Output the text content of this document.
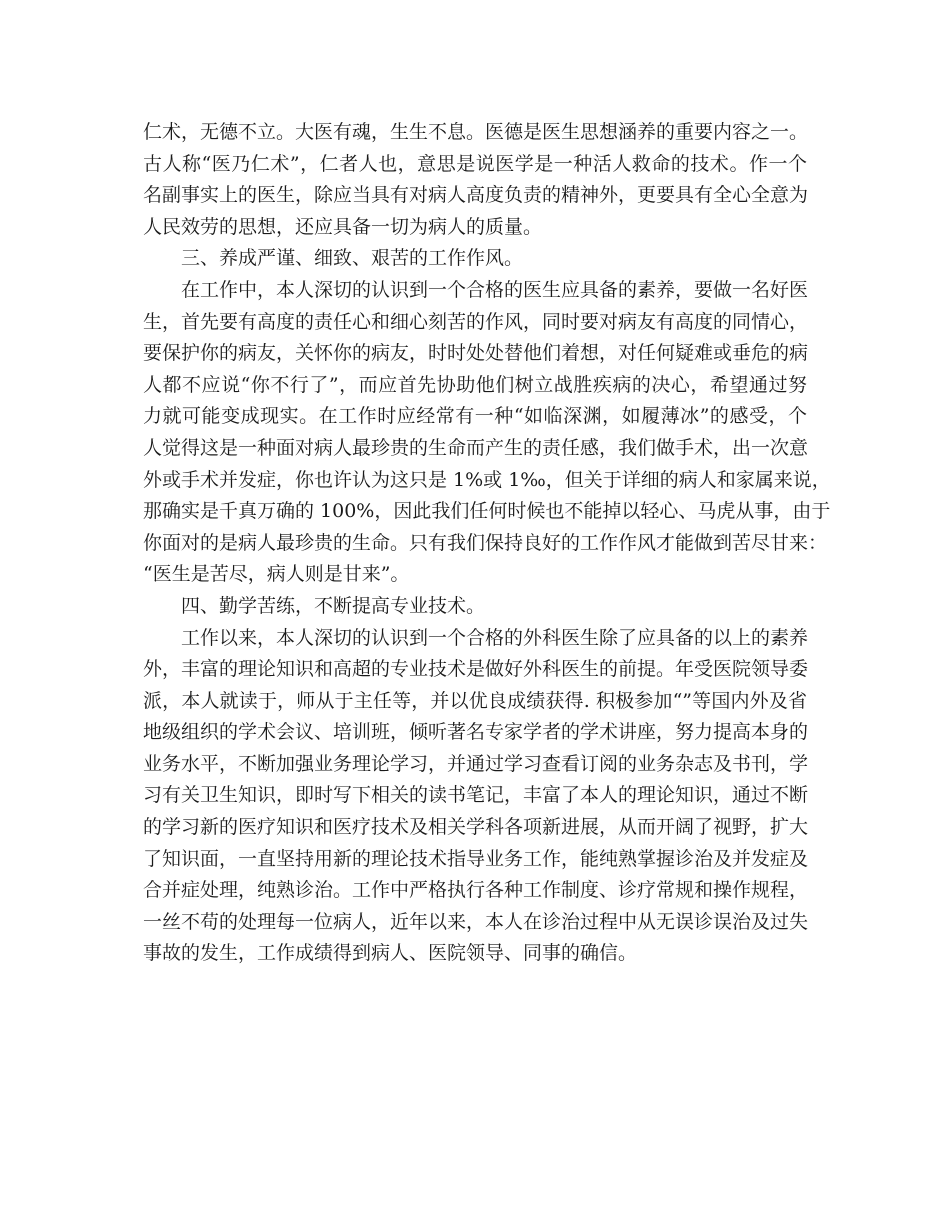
仁术，无德不立。大医有魂，生生不息。医德是医生思想涵养的重要内容之一。
古人称“医乃仁术”，仁者人也，意思是说医学是一种活人救命的技术。作一个
名副事实上的医生，除应当具有对病人高度负责的精神外，更要具有全心全意为
人民效劳的思想，还应具备一切为病人的质量。
三、养成严谨、细致、艰苦的工作作风。
在工作中，本人深切的认识到一个合格的医生应具备的素养，要做一名好医
生，首先要有高度的责任心和细心刻苦的作风，同时要对病友有高度的同情心，
要保护你的病友，关怀你的病友，时时处处替他们着想，对任何疑难或垂危的病
人都不应说“你不行了”，而应首先协助他们树立战胜疾病的决心，希望通过努
力就可能变成现实。在工作时应经常有一种“如临深渊，如履薄冰”的感受，个
人觉得这是一种面对病人最珍贵的生命而产生的责任感，我们做手术，出一次意
外或手术并发症，你也许认为这只是 1%或 1‰，但关于详细的病人和家属来说，
那确实是千真万确的 100%，因此我们任何时候也不能掉以轻心、马虎从事，由于
你面对的是病人最珍贵的生命。只有我们保持良好的工作作风才能做到苦尽甘来：
“医生是苦尽，病人则是甘来”。
四、勤学苦练，不断提高专业技术。
工作以来，本人深切的认识到一个合格的外科医生除了应具备的以上的素养
外，丰富的理论知识和高超的专业技术是做好外科医生的前提。年受医院领导委
派，本人就读于，师从于主任等，并以优良成绩获得. 积极参加“”等国内外及省
地级组织的学术会议、培训班，倾听著名专家学者的学术讲座，努力提高本身的
业务水平，不断加强业务理论学习，并通过学习查看订阅的业务杂志及书刊，学
习有关卫生知识，即时写下相关的读书笔记，丰富了本人的理论知识，通过不断
的学习新的医疗知识和医疗技术及相关学科各项新进展，从而开阔了视野，扩大
了知识面，一直坚持用新的理论技术指导业务工作，能纯熟掌握诊治及并发症及
合并症处理，纯熟诊治。工作中严格执行各种工作制度、诊疗常规和操作规程，
一丝不苟的处理每一位病人，近年以来，本人在诊治过程中从无误诊误治及过失
事故的发生，工作成绩得到病人、医院领导、同事的确信。
